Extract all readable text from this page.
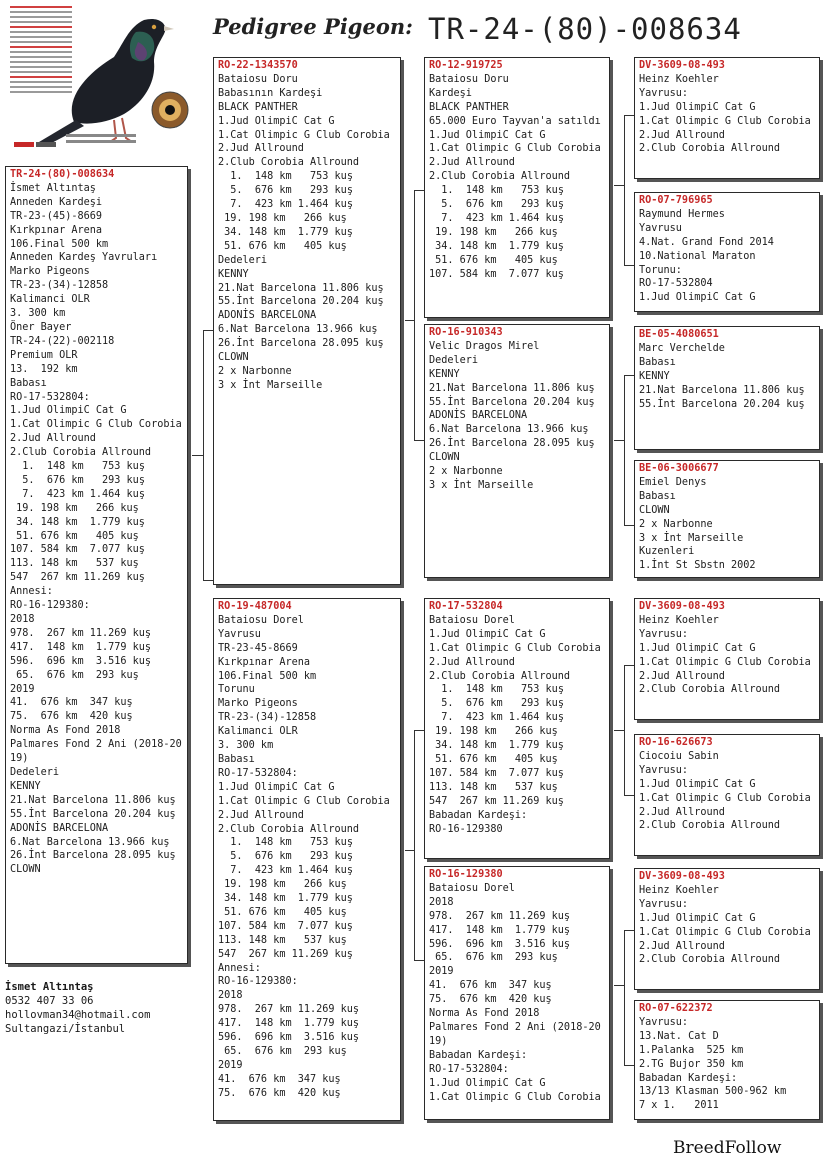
Pedigree Pigeon: TR-24-(80)-008634
TR-24-(80)-008634
İsmet Altıntaş
Anneden Kardeşi
TR-23-(45)-8669
Kırkpınar Arena
106.Final 500 km
Anneden Kardeş Yavruları
Marko Pigeons
TR-23-(34)-12858
Kalimanci OLR
3. 300 km
Öner Bayer
TR-24-(22)-002118
Premium OLR
13.  192 km
Babası
RO-17-532804:
1.Jud OlimpiC Cat G
1.Cat Olimpic G Club Corobia
2.Jud Allround
2.Club Corobia Allround
1.  148 km   753 kuş
5.  676 km   293 kuş
7.  423 km 1.464 kuş
19. 198 km   266 kuş
34. 148 km  1.779 kuş
51. 676 km   405 kuş
107. 584 km  7.077 kuş
113. 148 km   537 kuş
547  267 km 11.269 kuş
Annesi:
RO-16-129380:
2018
978.  267 km 11.269 kuş
417.  148 km  1.779 kuş
596.  696 km  3.516 kuş
65.  676 km  293 kuş
2019
41.  676 km  347 kuş
75.  676 km  420 kuş
Norma As Fond 2018
Palmares Fond 2 Ani (2018-2019)
Dedeleri
KENNY
21.Nat Barcelona 11.806 kuş
55.İnt Barcelona 20.204 kuş
ADONİS BARCELONA
6.Nat Barcelona 13.966 kuş
26.İnt Barcelona 28.095 kuş
CLOWN
RO-22-1343570
Bataiosu Doru
Babasının Kardeşi
BLACK PANTHER
1.Jud OlimpiC Cat G
1.Cat Olimpic G Club Corobia
2.Jud Allround
2.Club Corobia Allround
1.  148 km   753 kuş
5.  676 km   293 kuş
7.  423 km 1.464 kuş
19. 198 km   266 kuş
34. 148 km  1.779 kuş
51. 676 km   405 kuş
Dedeleri
KENNY
21.Nat Barcelona 11.806 kuş
55.İnt Barcelona 20.204 kuş
ADONİS BARCELONA
6.Nat Barcelona 13.966 kuş
26.İnt Barcelona 28.095 kuş
CLOWN
2 x Narbonne
3 x İnt Marseille
RO-19-487004
Bataiosu Dorel
Yavrusu
TR-23-45-8669
Kırkpınar Arena
106.Final 500 km
Torunu
Marko Pigeons
TR-23-(34)-12858
Kalimanci OLR
3. 300 km
Babası
RO-17-532804:
1.Jud OlimpiC Cat G
1.Cat Olimpic G Club Corobia
2.Jud Allround
2.Club Corobia Allround
1.  148 km   753 kuş
5.  676 km   293 kuş
7.  423 km 1.464 kuş
19. 198 km   266 kuş
34. 148 km  1.779 kuş
51. 676 km   405 kuş
107. 584 km  7.077 kuş
113. 148 km   537 kuş
547  267 km 11.269 kuş
Annesi:
RO-16-129380:
2018
978.  267 km 11.269 kuş
417.  148 km  1.779 kuş
596.  696 km  3.516 kuş
65.  676 km  293 kuş
2019
41.  676 km  347 kuş
75.  676 km  420 kuş
RO-12-919725
Bataiosu Doru
Kardeşi
BLACK PANTHER
65.000 Euro Tayvan'a satıldı
1.Jud OlimpiC Cat G
1.Cat Olimpic G Club Corobia
2.Jud Allround
2.Club Corobia Allround
1.  148 km   753 kuş
5.  676 km   293 kuş
7.  423 km 1.464 kuş
19. 198 km   266 kuş
34. 148 km  1.779 kuş
51. 676 km   405 kuş
107. 584 km  7.077 kuş
RO-16-910343
Velic Dragos Mirel
Dedeleri
KENNY
21.Nat Barcelona 11.806 kuş
55.İnt Barcelona 20.204 kuş
ADONİS BARCELONA
6.Nat Barcelona 13.966 kuş
26.İnt Barcelona 28.095 kuş
CLOWN
2 x Narbonne
3 x İnt Marseille
RO-17-532804
Bataiosu Dorel
1.Jud OlimpiC Cat G
1.Cat Olimpic G Club Corobia
2.Jud Allround
2.Club Corobia Allround
1.  148 km   753 kuş
5.  676 km   293 kuş
7.  423 km 1.464 kuş
19. 198 km   266 kuş
34. 148 km  1.779 kuş
51. 676 km   405 kuş
107. 584 km  7.077 kuş
113. 148 km   537 kuş
547  267 km 11.269 kuş
Babadan Kardeşi:
RO-16-129380
RO-16-129380
Bataiosu Dorel
2018
978.  267 km 11.269 kuş
417.  148 km  1.779 kuş
596.  696 km  3.516 kuş
65.  676 km  293 kuş
2019
41.  676 km  347 kuş
75.  676 km  420 kuş
Norma As Fond 2018
Palmares Fond 2 Ani (2018-2019)
Babadan Kardeşi:
RO-17-532804:
1.Jud OlimpiC Cat G
1.Cat Olimpic G Club Corobia
DV-3609-08-493
Heinz Koehler
Yavrusu:
1.Jud OlimpiC Cat G
1.Cat Olimpic G Club Corobia
2.Jud Allround
2.Club Corobia Allround
RO-07-796965
Raymund Hermes
Yavrusu
4.Nat. Grand Fond 2014
10.National Maraton
Torunu:
RO-17-532804
1.Jud OlimpiC Cat G
BE-05-4080651
Marc Verchelde
Babası
KENNY
21.Nat Barcelona 11.806 kuş
55.İnt Barcelona 20.204 kuş
BE-06-3006677
Emiel Denys
Babası
CLOWN
2 x Narbonne
3 x İnt Marseille
Kuzenleri
1.İnt St Sbstn 2002
DV-3609-08-493
Heinz Koehler
Yavrusu:
1.Jud OlimpiC Cat G
1.Cat Olimpic G Club Corobia
2.Jud Allround
2.Club Corobia Allround
RO-16-626673
Ciocoiu Sabin
Yavrusu:
1.Jud OlimpiC Cat G
1.Cat Olimpic G Club Corobia
2.Jud Allround
2.Club Corobia Allround
DV-3609-08-493
Heinz Koehler
Yavrusu:
1.Jud OlimpiC Cat G
1.Cat Olimpic G Club Corobia
2.Jud Allround
2.Club Corobia Allround
RO-07-622372
Yavrusu:
13.Nat. Cat D
1.Palanka  525 km
2.TG Bujor 350 km
Babadan Kardeşi:
13/13 Klasman 500-962 km
7 x 1.   2011
İsmet Altıntaş
0532 407 33 06
hollovman34@hotmail.com
Sultangazi/İstanbul
BreedFollow
